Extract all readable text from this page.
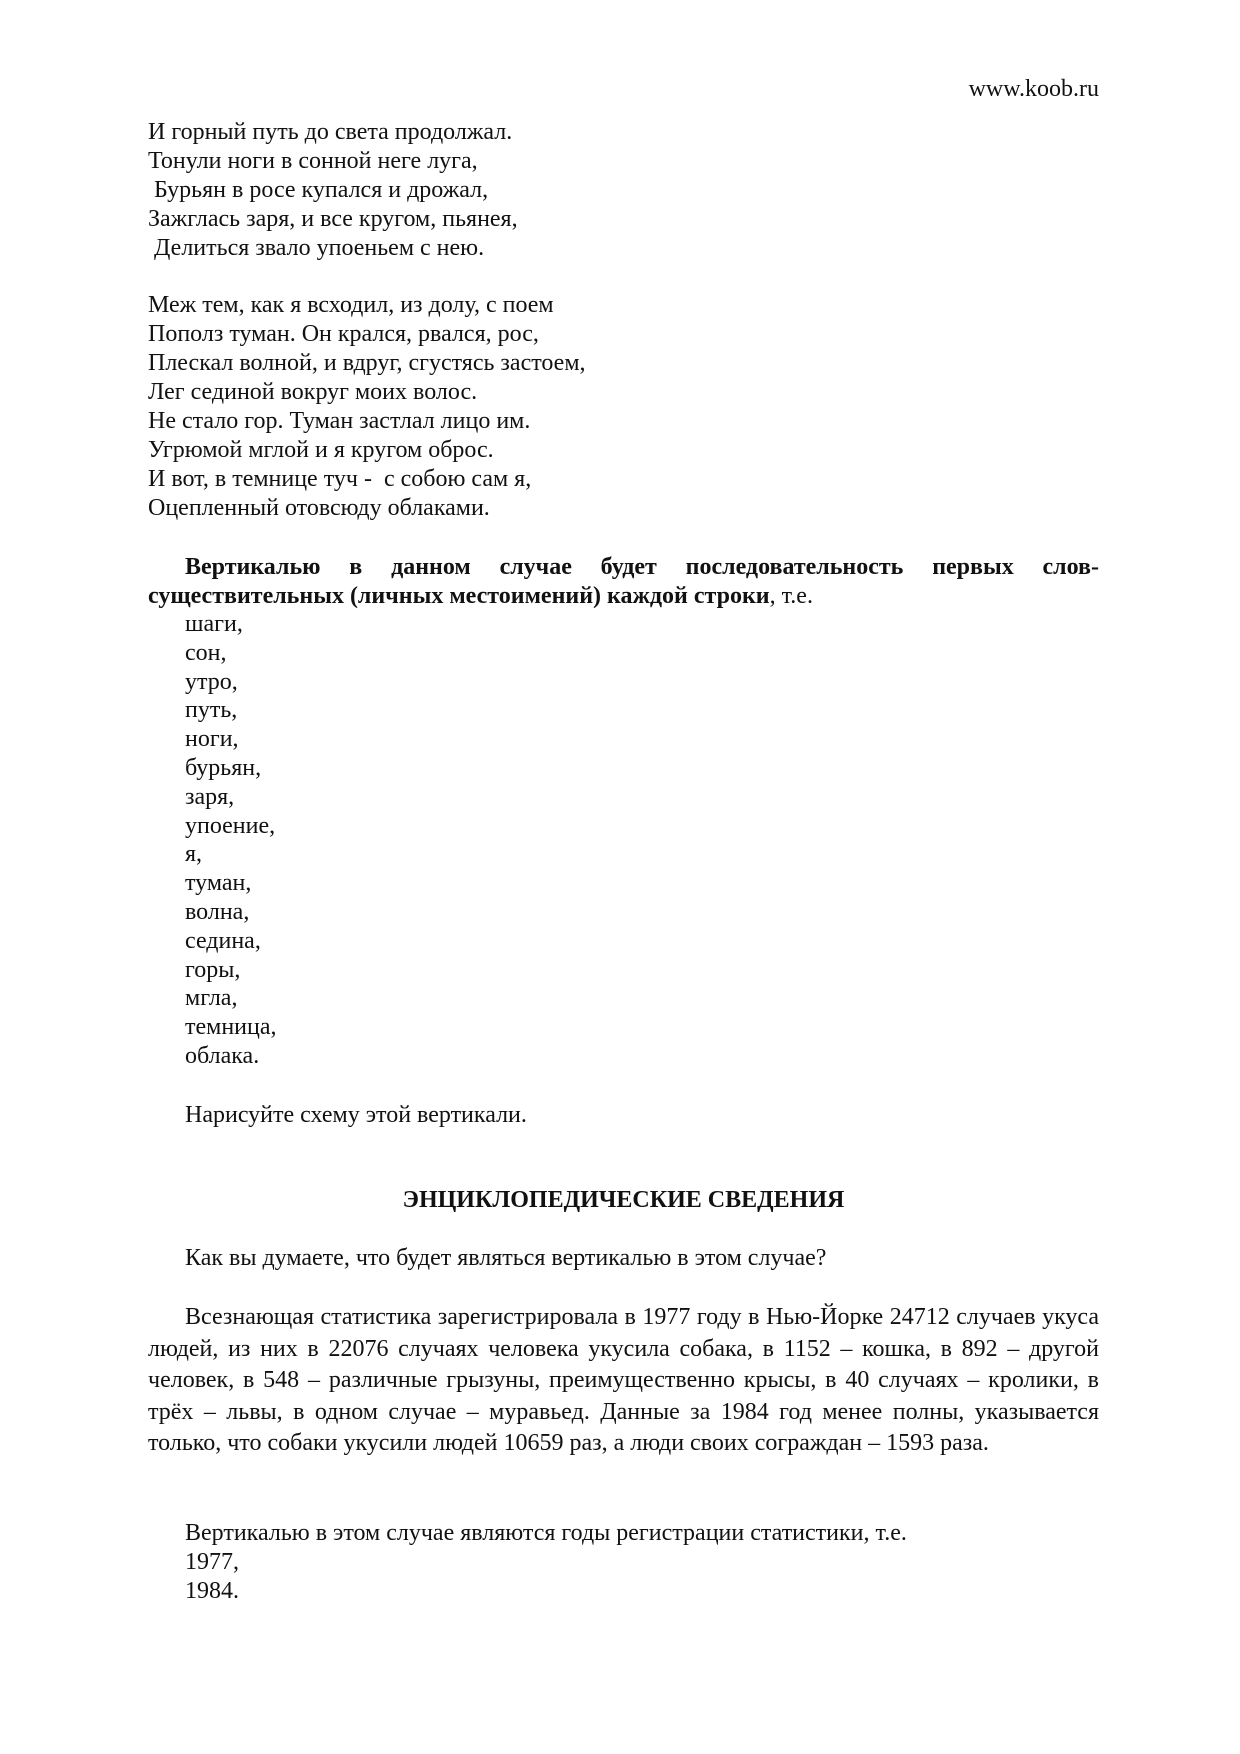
www.koob.ru
И горный путь до света продолжал.
Тонули ноги в сонной неге луга,
Бурьян в росе купался и дрожал,
Зажглась заря, и все кругом, пьянея,
Делиться звало упоеньем с нею.
Меж тем, как я всходил, из долу, с поем
Пополз туман. Он крался, рвался, рос,
Плескал волной, и вдруг, сгустясь застоем,
Лег сединой вокруг моих волос.
Не стало гор. Туман застлал лицо им.
Угрюмой мглой и я кругом оброс.
И вот, в темнице туч -  с собою сам я,
Оцепленный отовсюду облаками.
Вертикалью в данном случае будет последовательность первых слов-существительных (личных местоимений) каждой строки, т.е.
шаги,
сон,
утро,
путь,
ноги,
бурьян,
заря,
упоение,
я,
туман,
волна,
седина,
горы,
мгла,
темница,
облака.
Нарисуйте схему этой вертикали.
ЭНЦИКЛОПЕДИЧЕСКИЕ СВЕДЕНИЯ
Как вы думаете, что будет являться вертикалью в этом случае?
Всезнающая статистика зарегистрировала в 1977 году в Нью-Йорке 24712 случаев укуса людей, из них в 22076 случаях человека укусила собака, в 1152 – кошка, в 892 – другой человек, в 548 – различные грызуны, преимущественно крысы, в 40 случаях – кролики, в трёх – львы, в одном случае – муравьед. Данные за 1984 год менее полны, указывается только, что собаки укусили людей 10659 раз, а люди своих сограждан – 1593 раза.
Вертикалью в этом случае являются годы регистрации статистики, т.е.
1977,
1984.
